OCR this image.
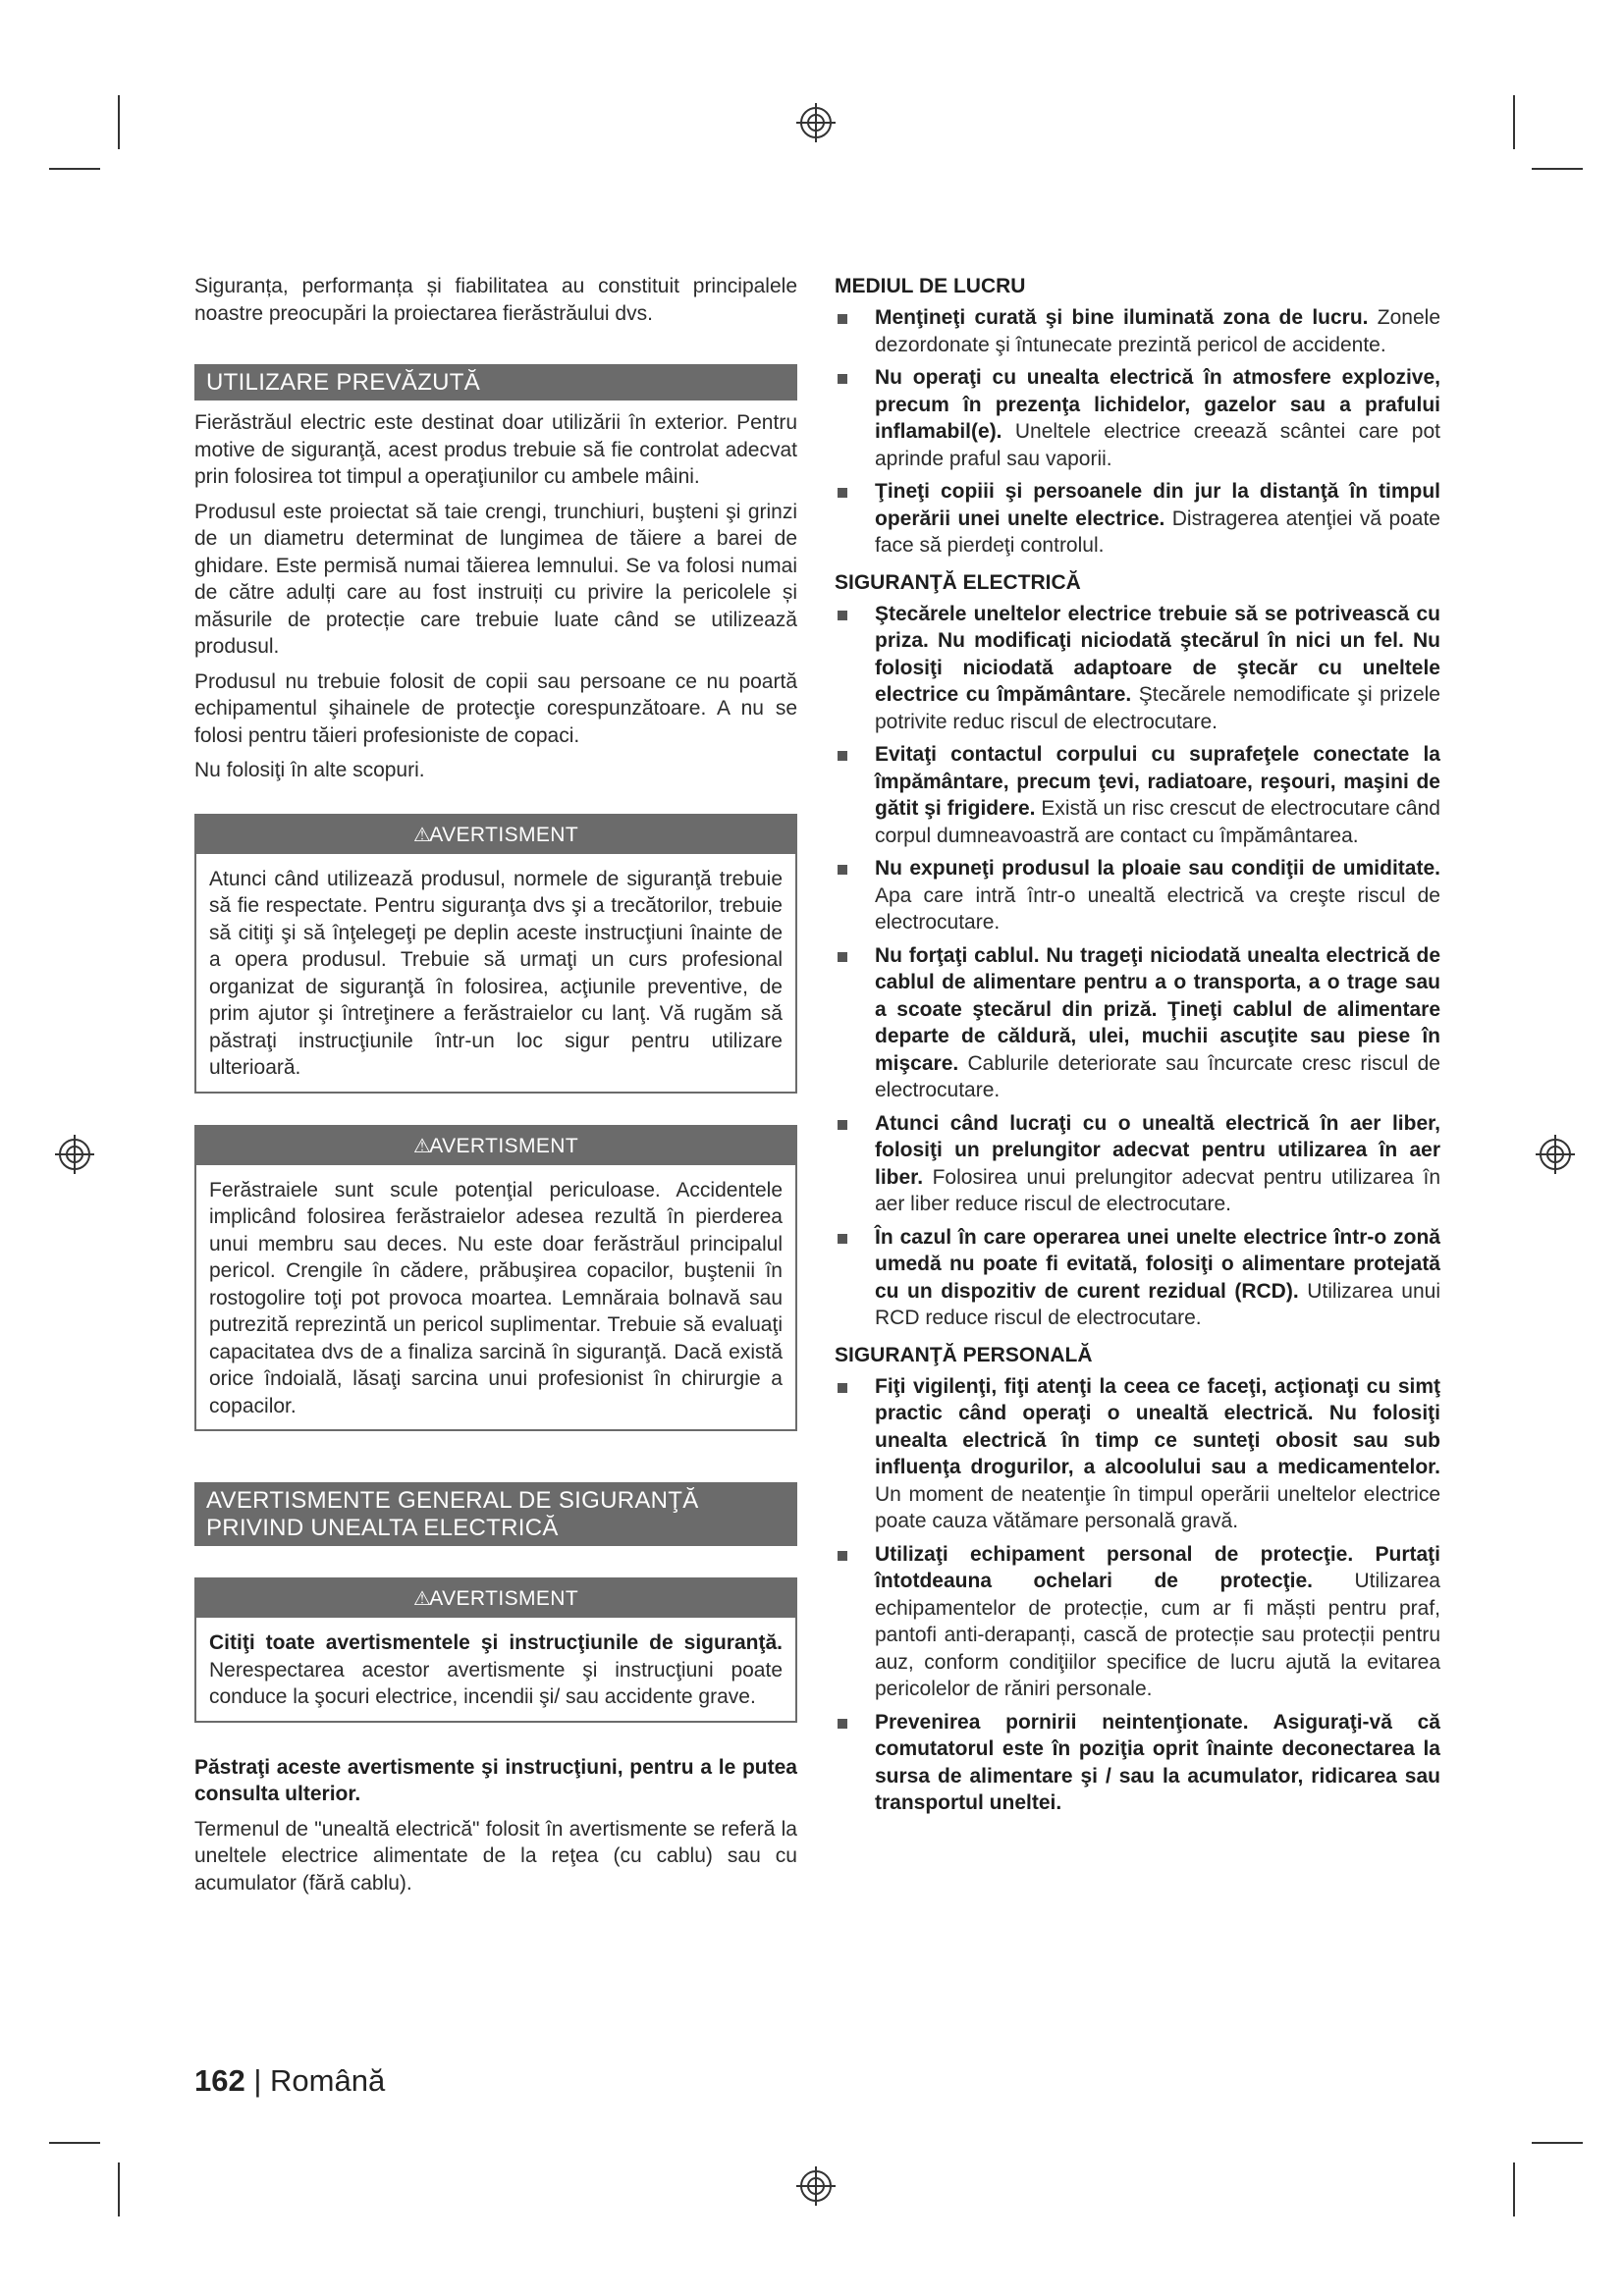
Siguranța, performanța și fiabilitatea au constituit principalele noastre preocupări la proiectarea fierăstrăului dvs.

UTILIZARE PREVĂZUTĂ

Fierăstrăul electric este destinat doar utilizării în exterior. Pentru motive de siguranţă, acest produs trebuie să fie controlat adecvat prin folosirea tot timpul a operaţiunilor cu ambele mâini.

Produsul este proiectat să taie crengi, trunchiuri, buşteni şi grinzi de un diametru determinat de lungimea de tăiere a barei de ghidare. Este permisă numai tăierea lemnului. Se va folosi numai de către adulți care au fost instruiți cu privire la pericolele și măsurile de protecție care trebuie luate când se utilizează produsul.

Produsul nu trebuie folosit de copii sau persoane ce nu poartă echipamentul şihainele de protecţie corespunzătoare. A nu se folosi pentru tăieri profesioniste de copaci.

Nu folosiţi în alte scopuri.

⚠AVERTISMENT

Atunci când utilizează produsul, normele de siguranţă trebuie să fie respectate. Pentru siguranţa dvs şi a trecătorilor, trebuie să citiţi şi să înţelegeţi pe deplin aceste instrucţiuni înainte de a opera produsul. Trebuie să urmaţi un curs profesional organizat de siguranţă în folosirea, acţiunile preventive, de prim ajutor şi întreţinere a ferăstraielor cu lanţ. Vă rugăm să păstraţi instrucţiunile într-un loc sigur pentru utilizare ulterioară.

⚠AVERTISMENT

Ferăstraiele sunt scule potenţial periculoase. Accidentele implicând folosirea ferăstraielor adesea rezultă în pierderea unui membru sau deces. Nu este doar ferăstrăul principalul pericol. Crengile în cădere, prăbuşirea copacilor, buştenii în rostogolire toţi pot provoca moartea. Lemnăraia bolnavă sau putrezită reprezintă un pericol suplimentar. Trebuie să evaluaţi capacitatea dvs de a finaliza sarcină în siguranţă. Dacă există orice îndoială, lăsaţi sarcina unui profesionist în chirurgie a copacilor.

AVERTISMENTE GENERAL DE SIGURANŢĂ
PRIVIND UNEALTA ELECTRICĂ
⚠AVERTISMENT

Citiţi toate avertismentele şi instrucţiunile de siguranţă. Nerespectarea acestor avertismente şi instrucţiuni poate conduce la şocuri electrice, incendii şi/ sau accidente grave.

Păstraţi aceste avertismente şi instrucţiuni, pentru a le putea consulta ulterior.

Termenul de "unealtă electrică" folosit în avertismente se referă la uneltele electrice alimentate de la reţea (cu cablu) sau cu acumulator (fără cablu).

MEDIUL DE LUCRU
Menţineţi curată şi bine iluminată zona de lucru. Zonele dezordonate şi întunecate prezintă pericol de accidente.
Nu operaţi cu unealta electrică în atmosfere explozive, precum în prezenţa lichidelor, gazelor sau a prafului inflamabil(e). Uneltele electrice creează scântei care pot aprinde praful sau vaporii.
Ţineţi copiii şi persoanele din jur la distanţă în timpul operării unei unelte electrice. Distragerea atenţiei vă poate face să pierdeţi controlul.
SIGURANŢĂ ELECTRICĂ
Ştecărele uneltelor electrice trebuie să se potrivească cu priza. Nu modificaţi niciodată ştecărul în nici un fel. Nu folosiţi niciodată adaptoare de ştecăr cu uneltele electrice cu împământare. Ştecărele nemodificate şi prizele potrivite reduc riscul de electrocutare.
Evitaţi contactul corpului cu suprafeţele conectate la împământare, precum ţevi, radiatoare, reşouri, maşini de gătit şi frigidere. Există un risc crescut de electrocutare când corpul dumneavoastră are contact cu împământarea.
Nu expuneţi produsul la ploaie sau condiţii de umiditate. Apa care intră într-o unealtă electrică va creşte riscul de electrocutare.
Nu forţaţi cablul. Nu trageţi niciodată unealta electrică de cablul de alimentare pentru a o transporta, a o trage sau a scoate ştecărul din priză. Ţineţi cablul de alimentare departe de căldură, ulei, muchii ascuţite sau piese în mişcare. Cablurile deteriorate sau încurcate cresc riscul de electrocutare.
Atunci când lucraţi cu o unealtă electrică în aer liber, folosiţi un prelungitor adecvat pentru utilizarea în aer liber. Folosirea unui prelungitor adecvat pentru utilizarea în aer liber reduce riscul de electrocutare.
În cazul în care operarea unei unelte electrice într-o zonă umedă nu poate fi evitată, folosiţi o alimentare protejată cu un dispozitiv de curent rezidual (RCD). Utilizarea unui RCD reduce riscul de electrocutare.
SIGURANŢĂ PERSONALĂ
Fiţi vigilenţi, fiţi atenţi la ceea ce faceţi, acţionaţi cu simţ practic când operaţi o unealtă electrică. Nu folosiţi unealta electrică în timp ce sunteţi obosit sau sub influenţa drogurilor, a alcoolului sau a medicamentelor. Un moment de neatenţie în timpul operării uneltelor electrice poate cauza vătămare personală gravă.
Utilizaţi echipament personal de protecţie. Purtaţi întotdeauna ochelari de protecţie. Utilizarea echipamentelor de protecție, cum ar fi măști pentru praf, pantofi anti-derapanți, cască de protecție sau protecții pentru auz, conform condiţiilor specifice de lucru ajută la evitarea pericolelor de răniri personale.
Prevenirea pornirii neintenţionate. Asiguraţi-vă că comutatorul este în poziţia oprit înainte deconectarea la sursa de alimentare şi / sau la acumulator, ridicarea sau transportul uneltei.
162 | Română
